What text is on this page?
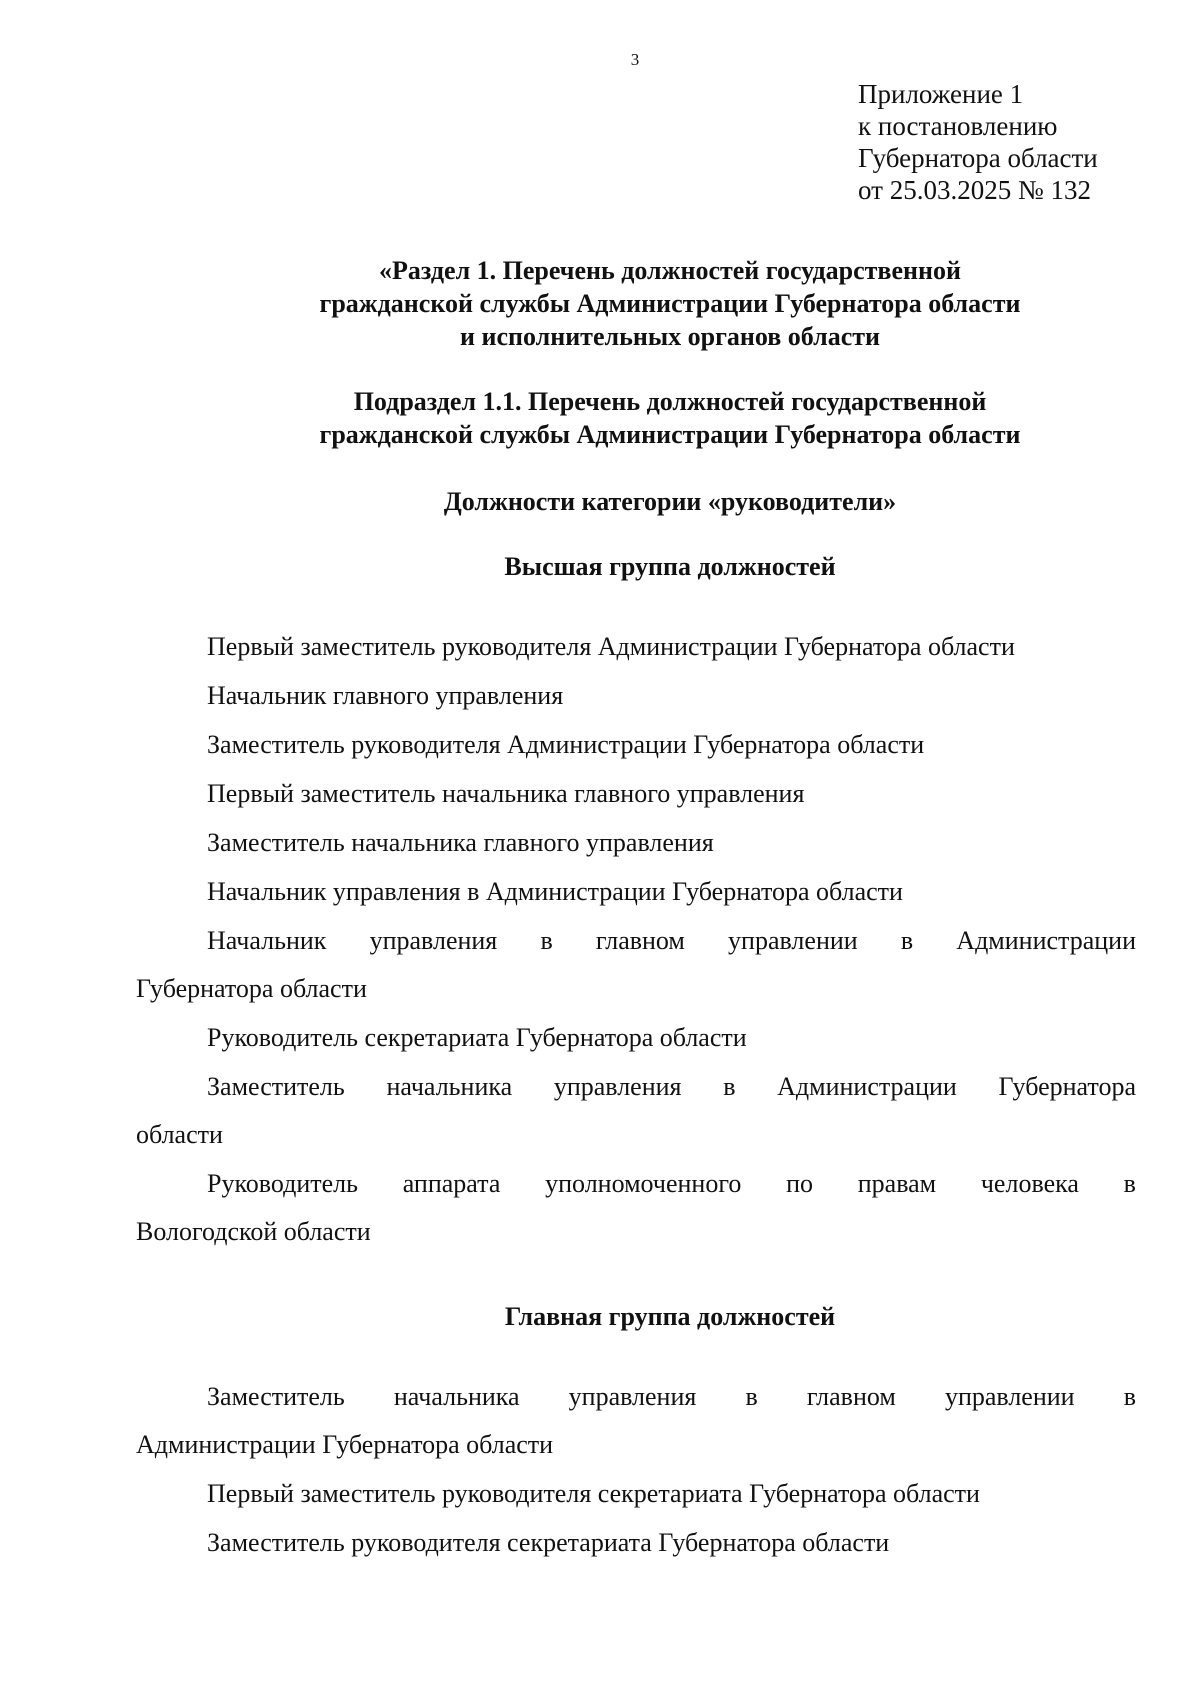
3
Приложение 1
к постановлению
Губернатора области
от 25.03.2025 № 132
«Раздел 1. Перечень должностей государственной
гражданской службы Администрации Губернатора области
и исполнительных органов области
Подраздел 1.1. Перечень должностей государственной
гражданской службы Администрации Губернатора области
Должности категории «руководители»
Высшая группа должностей
Первый заместитель руководителя Администрации Губернатора области
Начальник главного управления
Заместитель руководителя Администрации Губернатора области
Первый заместитель начальника главного управления
Заместитель начальника главного управления
Начальник управления в Администрации Губернатора области
Начальник управления в главном управлении в Администрации
Губернатора области
Руководитель секретариата Губернатора области
Заместитель начальника управления в Администрации Губернатора
области
Руководитель аппарата уполномоченного по правам человека в
Вологодской области
Главная группа должностей
Заместитель начальника управления в главном управлении в
Администрации Губернатора области
Первый заместитель руководителя секретариата Губернатора области
Заместитель руководителя секретариата Губернатора области
